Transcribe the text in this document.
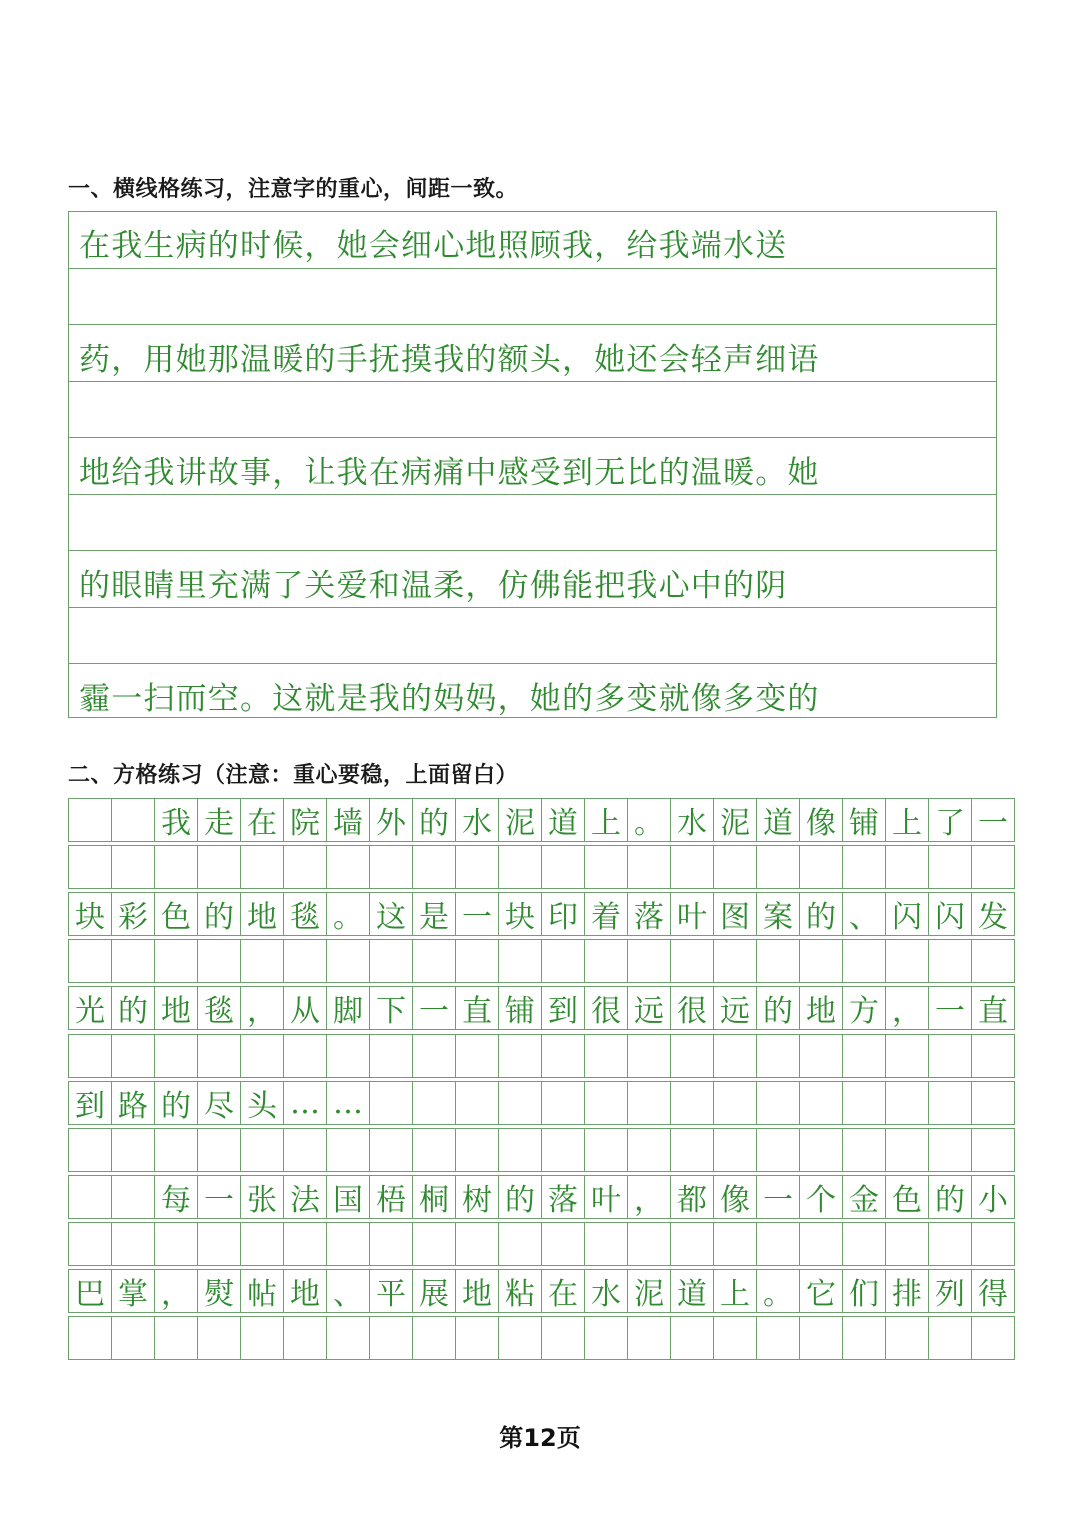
一、横线格练习，注意字的重心，间距一致。
在我生病的时候，她会细心地照顾我，给我端水送
药，用她那温暖的手抚摸我的额头，她还会轻声细语
地给我讲故事，让我在病痛中感受到无比的温暖。她
的眼睛里充满了关爱和温柔，仿佛能把我心中的阴
霾一扫而空。这就是我的妈妈，她的多变就像多变的
二、方格练习（注意：重心要稳，上面留白）
我 走 在 院 墙 外 的 水 泥 道 上 。 水 泥 道 像 铺 上 了 一
块 彩 色 的 地 毯 。 这 是 一 块 印 着 落 叶 图 案 的 、 闪 闪 发
光 的 地 毯 ， 从 脚 下 一 直 铺 到 很 远 很 远 的 地 方 ， 一 直
到 路 的 尽 头 … …
每 一 张 法 国 梧 桐 树 的 落 叶 ， 都 像 一 个 金 色 的 小
巴 掌 ， 熨 帖 地 、 平 展 地 粘 在 水 泥 道 上 。 它 们 排 列 得
第12页
